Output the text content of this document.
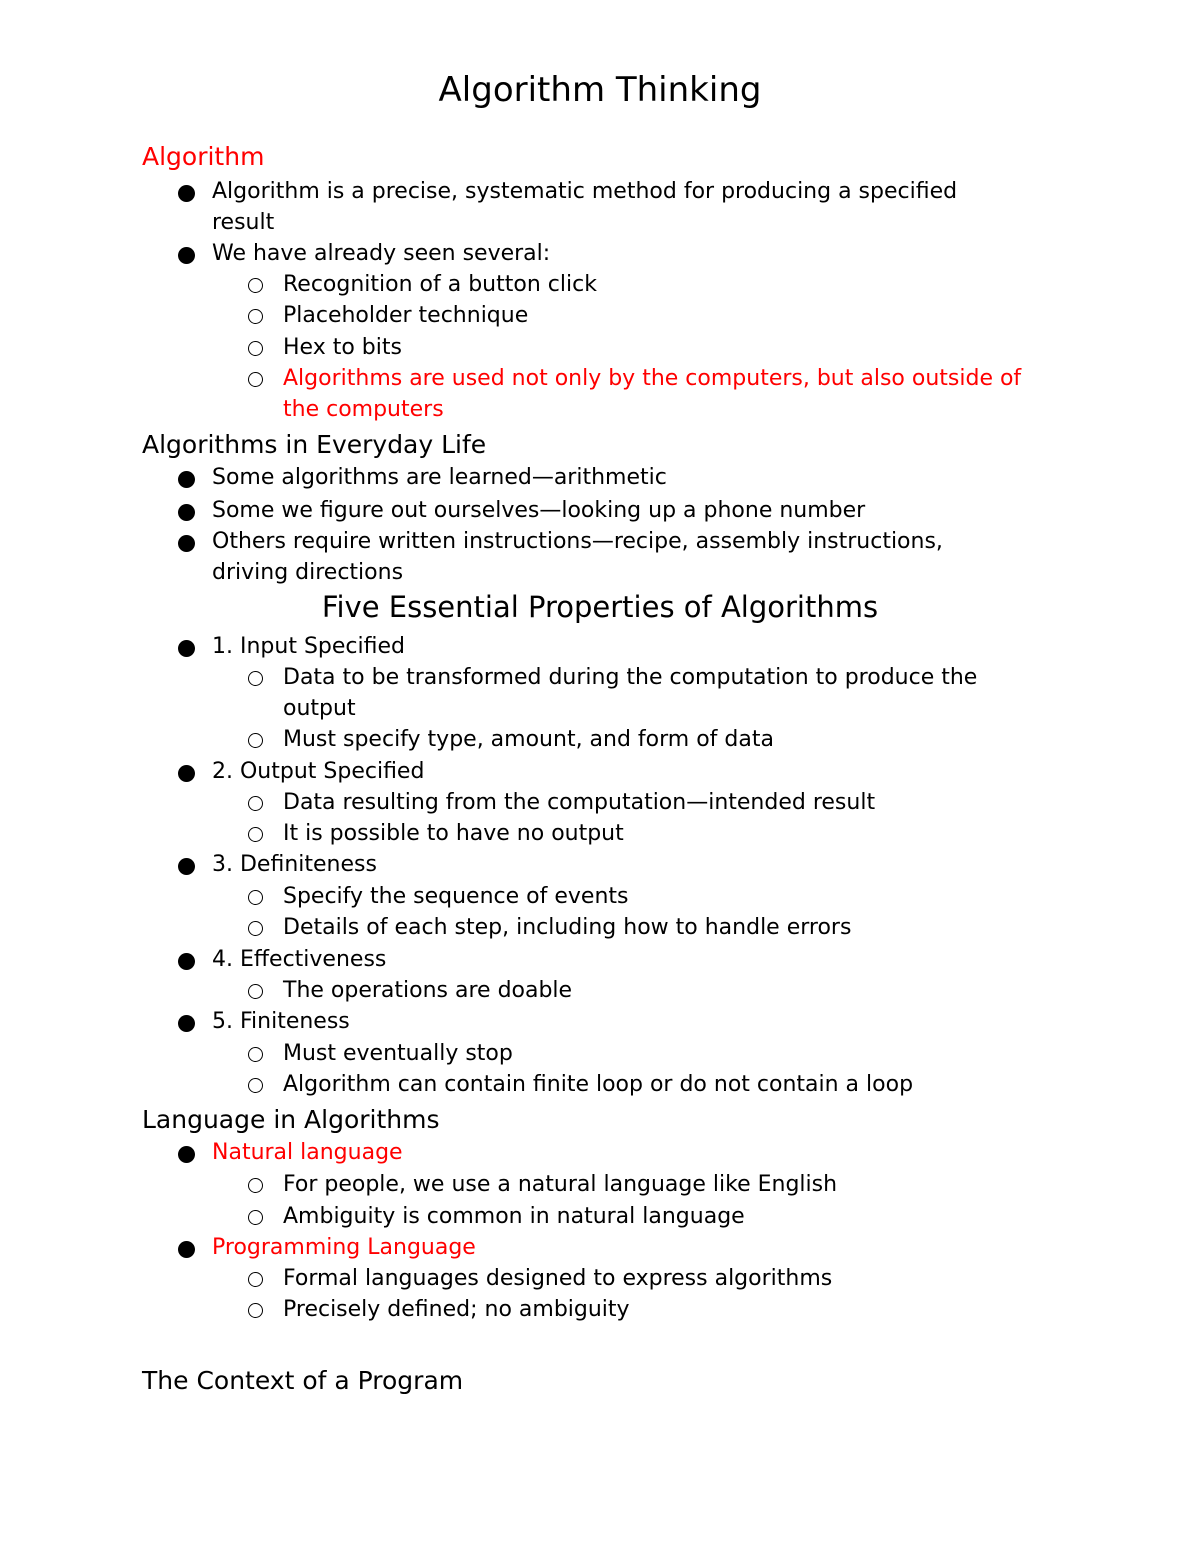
Algorithm Thinking
Algorithm
Algorithm is a precise, systematic method for producing a specified result
We have already seen several:
Recognition of a button click
Placeholder technique
Hex to bits
Algorithms are used not only by the computers, but also outside of the computers
Algorithms in Everyday Life
Some algorithms are learned—arithmetic
Some we figure out ourselves—looking up a phone number
Others require written instructions—recipe, assembly instructions, driving directions
Five Essential Properties of Algorithms
1. Input Specified
Data to be transformed during the computation to produce the output
Must specify type, amount, and form of data
2. Output Specified
Data resulting from the computation—intended result
It is possible to have no output
3. Definiteness
Specify the sequence of events
Details of each step, including how to handle errors
4. Effectiveness
The operations are doable
5. Finiteness
Must eventually stop
Algorithm can contain finite loop or do not contain a loop
Language in Algorithms
Natural language
For people, we use a natural language like English
Ambiguity is common in natural language
Programming Language
Formal languages designed to express algorithms
Precisely defined; no ambiguity
The Context of a Program
